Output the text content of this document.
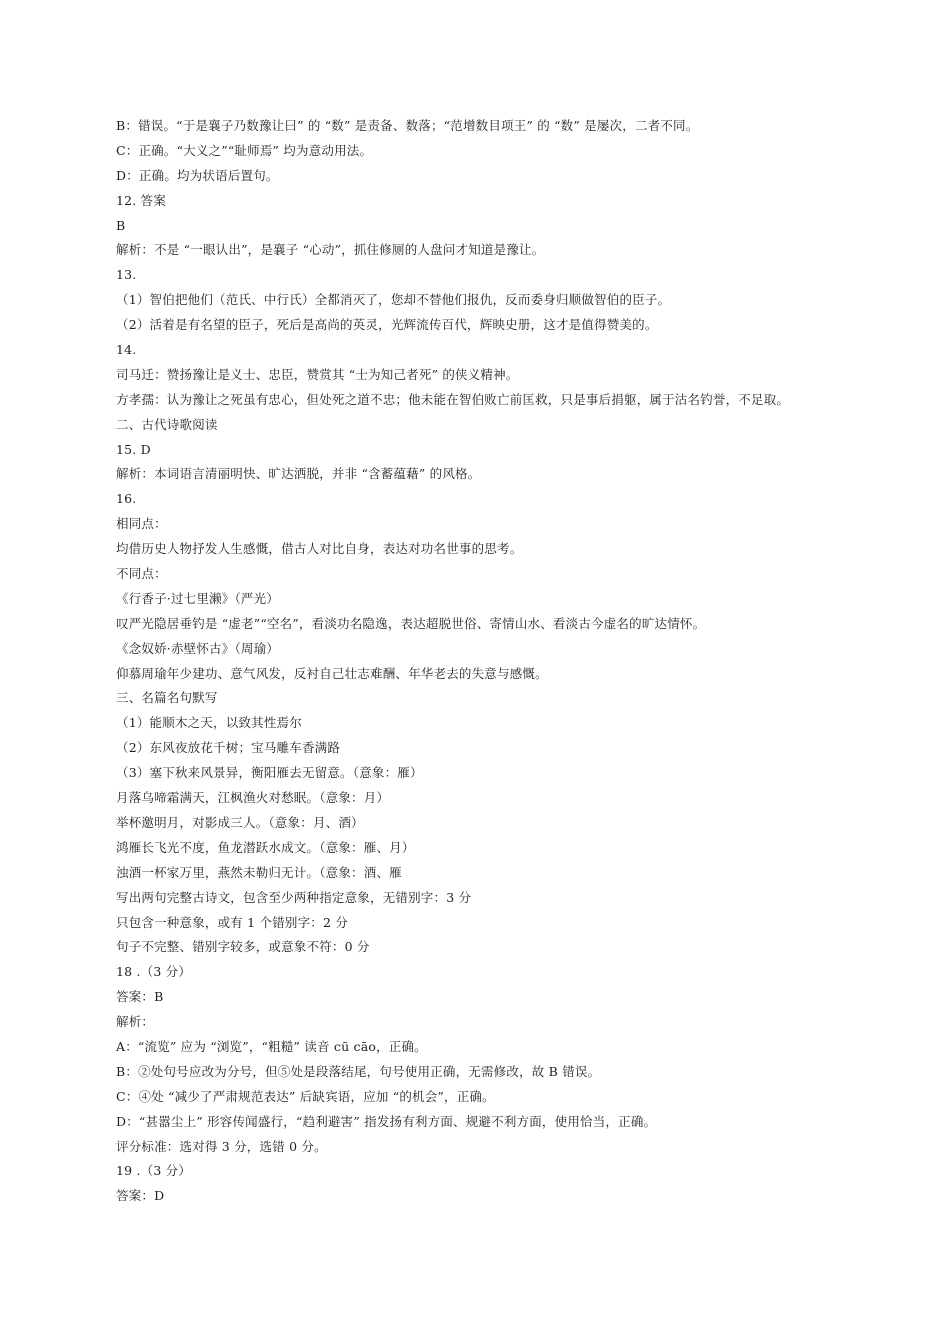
B：错误。“于是襄子乃数豫让曰” 的 “数” 是责备、数落；“范增数目项王” 的 “数” 是屡次，二者不同。
C：正确。“大义之”“耻师焉” 均为意动用法。
D：正确。均为状语后置句。
12. 答案
B
解析：不是 “一眼认出”，是襄子 “心动”，抓住修厕的人盘问才知道是豫让。
13.
（1）智伯把他们（范氏、中行氏）全都消灭了，您却不替他们报仇，反而委身归顺做智伯的臣子。
（2）活着是有名望的臣子，死后是高尚的英灵，光辉流传百代，辉映史册，这才是值得赞美的。
14.
司马迁：赞扬豫让是义士、忠臣，赞赏其 “士为知己者死” 的侠义精神。
方孝孺：认为豫让之死虽有忠心，但处死之道不忠；他未能在智伯败亡前匡救，只是事后捐躯，属于沽名钓誉，不足取。
二、古代诗歌阅读
15. D
解析：本词语言清丽明快、旷达洒脱，并非 “含蓄蕴藉” 的风格。
16.
相同点：
均借历史人物抒发人生感慨，借古人对比自身，表达对功名世事的思考。
不同点：
《行香子·过七里濑》（严光）
叹严光隐居垂钓是 “虚老”“空名”，看淡功名隐逸，表达超脱世俗、寄情山水、看淡古今虚名的旷达情怀。
《念奴娇·赤壁怀古》（周瑜）
仰慕周瑜年少建功、意气风发，反衬自己壮志难酬、年华老去的失意与感慨。
三、名篇名句默写
（1）能顺木之天，以致其性焉尔
（2）东风夜放花千树；宝马雕车香满路
（3）塞下秋来风景异，衡阳雁去无留意。（意象：雁）
月落乌啼霜满天，江枫渔火对愁眠。（意象：月）
举杯邀明月，对影成三人。（意象：月、酒）
鸿雁长飞光不度，鱼龙潜跃水成文。（意象：雁、月）
浊酒一杯家万里，燕然未勒归无计。（意象：酒、雁
写出两句完整古诗文，包含至少两种指定意象，无错别字：3 分
只包含一种意象，或有 1 个错别字：2 分
句子不完整、错别字较多，或意象不符：0 分
18 .（3 分）
答案：B
解析：
A：“流览” 应为 “浏览”，“粗糙” 读音 cū cāo，正确。
B：②处句号应改为分号，但⑤处是段落结尾，句号使用正确，无需修改，故 B 错误。
C：④处 “减少了严肃规范表达” 后缺宾语，应加 “的机会”，正确。
D：“甚嚣尘上” 形容传闻盛行，“趋利避害” 指发扬有利方面、规避不利方面，使用恰当，正确。
评分标准：选对得 3 分，选错 0 分。
19 .（3 分）
答案：D
